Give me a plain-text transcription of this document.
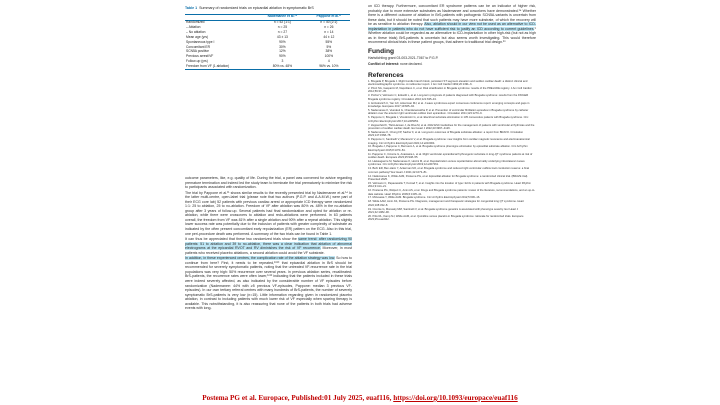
Table 1 Summary of randomized trials on epicardial ablation in symptomatic BrS
	Nademanee et al.¹⁴	Pappone et al.¹¹
Randomized	n = 52 (1:1)	n = 40 (2:1)
– Ablation	n = 25	n = 26
– No ablation	n = 27	n = 14
Mean age (yrs)	43 ± 13	44 ± 12
Spontaneous type I	90%	55%
Concomitant ER	30%	5%
SCN5A positive	12%	38%
Previous arrest/VF	90%	100%
Follow-up (yrs)	3	4
Freedom from VF (1 ablation)	80% vs. 48%	96% vs. 10%

outcome parameters, like, e.g. quality of life. During the trial, a panel was convened for advice regarding premature termination and indeed led the study team to terminate the trial prematurely to minimize the risk to participants associated with randomization.

The trial by Pappone et al.¹¹ shows similar results to the recently presented trial by Nademanee et al.¹⁴ In the latter multi-centre, open-label trial (please note that two authors (P.G.P. and A.A.M.W.) were part of their ECG core lab) 52 patients with previous cardiac arrest or appropriate ICD therapy were randomized 1:1: 25 to ablation, 25 to no-ablation. Freedom of VF after ablation was 80% vs. 48% in the no-ablation group after 3 years of follow-up. Several patients had final randomization and opted for ablation or re-ablation, while there were crossovers to ablation and redo-ablations were performed. In 63 patients overall, the freedom from VF was 81% after a single ablation and 90% after a repeat ablation. This slightly lower success rate was potentially due to the inclusion of patients with greater complexity of substrate as indicated by the often present concomitant early repolarization (ER) pattern on the ECG. Also in this trial, one peri-procedure death was performed. A summary of the two trials can be found in Table 1.

It can thus be appreciated that these two randomized trials show the same trend: after randomizing 90 patients: 51 to ablation and 39 to no-ablation, there was a clear indication that ablation of abnormal electrograms at the epicardial RVOT and RV diminishes the risk of VF recurrence. Moreover, in most patients who received placebo ablations, a second ablation could avoid the VF substrate.

In addition, in these experienced centres, the complication rate of the ablation strategy was low. So how to continue from here? First, it needs to be repeated,¹⁸¹⁹ that epicardial ablation in BrS should be recommended for severely symptomatic patients, noting that the untreated VF-recurrence rate in the trial populations was very high: 50% recurrence over several years. In previous ablation series, recalibrated: BrS-patients, the recurrence rates were often lower,¹⁰¹² indicating that the patients included in these trials were indeed severely affected, as also indicated by the considerable number of VF episodes before randomization (Nademanee: 44% with ≥5 previous VF-episodes, Pappone: median 3 previous VF-episodes). In our own tertiary referral centres with many hundreds of BrS-patients, the number of severely symptomatic BrS-patients is very low (n=15). Little information regarding given in randomized placebo ablation, in contrast to including patients with much lower risk of VF especially when sparing therapy is available. This notwithstanding, it is also reassuring that none of the patients in both trials had adverse events with long-

on ICD therapy. Furthermore, concomitant ER syndrome patterns can be an indicator of higher risk, probably due to more extensive substrates as Nademanee and coworkers have demonstrated.¹⁴ Whether there is a different outcome of ablation in BrS-patients with pathogenic SCN5A-variants is uncertain from these data, but it should be noted that such patients may have more substrate, of which the recovery will be as sensitive to ablation therapy. Also, ablation should in our view not be used as an alternative to ICD-implantation in patients who do not have sufficient risk to justify an ICD according to current guidelines.⁹ Whether ablation could be regarded as an alternative to ICD-implantation in other high-risk (but not as high as in these trials) BrS-patients is uncertain but also seems worth investigating. This would therefore recommend clinical trials in these patient groups, that adhere to traditional trial design.²⁰

Funding

Hartstichting grant 03-003-2021-T067 to P.G.P.

Conflict of interest: none declared.

References

1. Brugada P, Brugada J. Right bundle branch block, persistent ST segment elevation and sudden cardiac death: a distinct clinical and electrocardiographic syndrome. A multicenter report. J Am Coll Cardiol 1992;20:1391–6.

2. Priori SG, Gasparini M, Napolitano C, et al. Risk stratification in Brugada syndrome: results of the PRELUDE registry. J Am Coll Cardiol 2012;59:37–45.

3. Probst V, Veltmann C, Eckardt L, et al. Long-term prognosis of patients diagnosed with Brugada syndrome: results from the FINGER Brugada syndrome registry. Circulation 2010;121:635–43.

4. Antzelevitch C, Yan GX, Ackerman MJ, et al. J-wave syndromes expert consensus conference report: emerging concepts and gaps in knowledge. Europace 2017;19:665–94.

5. Nademanee K, Veerakul G, Chandanamattha P, et al. Prevention of ventricular fibrillation episodes in Brugada syndrome by catheter ablation over the anterior right ventricular outflow tract epicardium. Circulation 2011;123:1270–9.

6. Pappone C, Brugada J, Vicedomini G, et al. Electrical substrate elimination in 135 consecutive patients with Brugada syndrome. Circ Arrhythm Electrophysiol 2017;10:e005053.

7. Zeppenfeld K, Tfelt-Hansen J, de Riva M, et al. 2022 ESC Guidelines for the management of patients with ventricular arrhythmias and the prevention of sudden cardiac death. Eur Heart J 2022;43:3997–4126.

8. Nademanee K, Chung FP, Sacher F, et al. Long-term outcomes of Brugada substrate ablation: a report from BRAVO. Circulation 2023;147:1568–78.

9. Pappone C, Santinelli V, Mecarocci V, et al. Brugada syndrome: new insights from cardiac magnetic resonance and electroanatomical imaging. Circ Arrhythm Electrophysiol 2021;14:e010004.

10. Brugada J, Pappone C, Berruezo A, et al. Brugada syndrome phenotype elimination by epicardial substrate ablation. Circ Arrhythm Electrophysiol 2015;8:1373–81.

11. Pappone C, Ciconte G, Anastasia L, et al. Right ventricular epicardial arrhythmogenic substrate in long-QT syndrome patients at risk of sudden death. Europace 2023;25:948–55.

12. Haissaguerre M, Nademanee K, Hocini M, et al. Depolarization versus repolarization abnormality underlying inferolateral J-wave syndromes. Circ Arrhythm Electrophysiol 2019;12:e007261.

13. Behr ER, Ben-Haim Y, Ackerman MJ, et al. Brugada syndrome and reduced right ventricular outflow tract conduction reserve: a final common pathway? Eur Heart J 2021;42:1073–81.

14. Nademanee K, Wilde AAM, Postema PG, et al. Epicardial ablation for Brugada syndrome: a randomized clinical trial. (BRAVE trial). Presented 2025.

15. Veltmann C, Papavassiliu T, Konrad T, et al. Insights into the location of type I ECG in patients with Brugada syndrome. Heart Rhythm 2012;9:414–21.

16. Postema PG, Wolpert C, Amin AS, et al. Drugs and Brugada syndrome patients: review of the literature, recommendations, and an up-to-date website. Heart Rhythm 2009;6:1335–41.

17. Mizusawa Y, Wilde AAM. Brugada syndrome. Circ Arrhythm Electrophysiol 2012;5:606–16.

18. Wilde AAM, Amin AS, Postema PG. Diagnosis, management and therapeutic strategies for congenital long QT syndrome. Heart 2022;108:332–8.

19. Ciconte G, Monasky MM, Santinelli V, et al. Brugada syndrome genetics is associated with phenotype severity. Eur Heart J 2021;42:1082–90.

20. Pitts RL, Kamp NJ, Wilde AAM, et al. Quinidine versus placebo in Brugada syndrome: rationale for randomized trials. Europace 2023;25:euad112.

Postema PG et al. Europace, Published:01 July 2025, euaf116, https://doi.org/10.1093/europace/euaf116
